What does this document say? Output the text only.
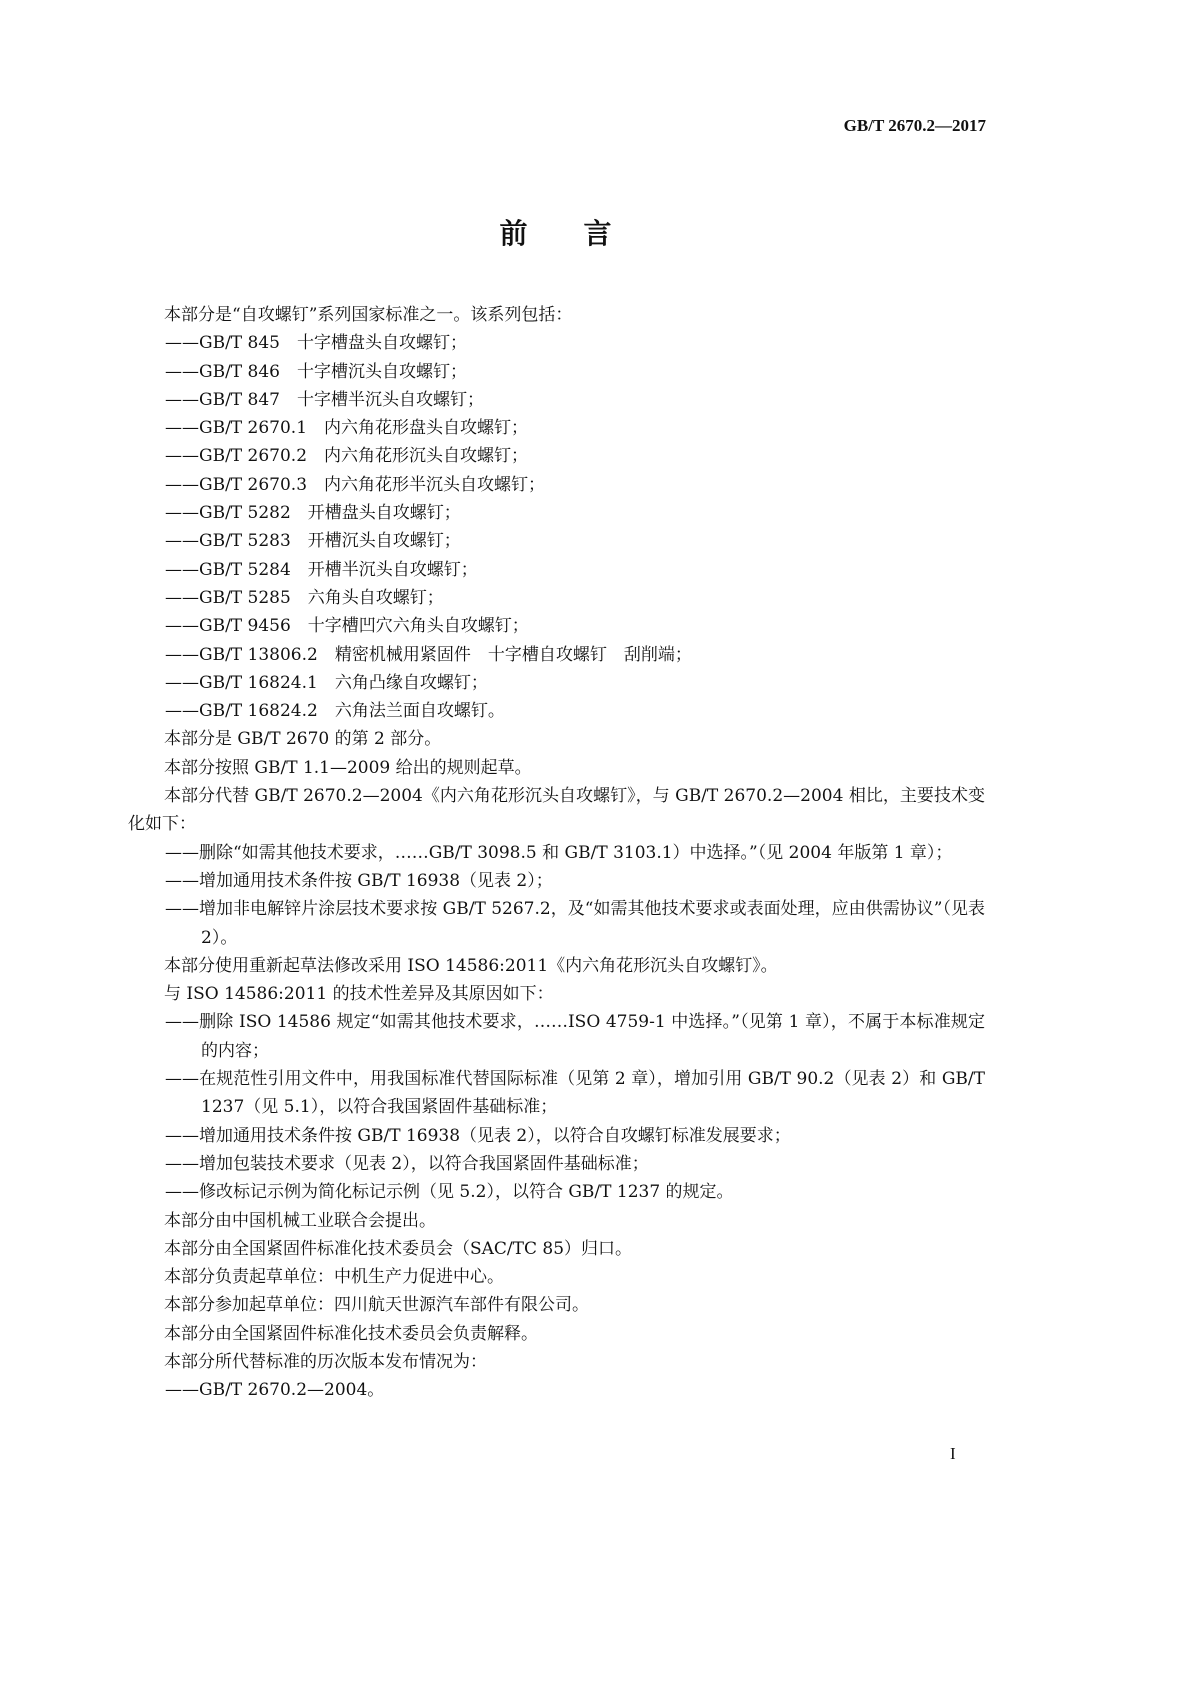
GB/T 2670.2—2017
前言

本部分是“自攻螺钉”系列国家标准之一。该系列包括：

——GB/T 845　十字槽盘头自攻螺钉；

——GB/T 846　十字槽沉头自攻螺钉；

——GB/T 847　十字槽半沉头自攻螺钉；

——GB/T 2670.1　内六角花形盘头自攻螺钉；

——GB/T 2670.2　内六角花形沉头自攻螺钉；

——GB/T 2670.3　内六角花形半沉头自攻螺钉；

——GB/T 5282　开槽盘头自攻螺钉；

——GB/T 5283　开槽沉头自攻螺钉；

——GB/T 5284　开槽半沉头自攻螺钉；

——GB/T 5285　六角头自攻螺钉；

——GB/T 9456　十字槽凹穴六角头自攻螺钉；

——GB/T 13806.2　精密机械用紧固件　十字槽自攻螺钉　刮削端；

——GB/T 16824.1　六角凸缘自攻螺钉；

——GB/T 16824.2　六角法兰面自攻螺钉。

本部分是 GB/T 2670 的第 2 部分。

本部分按照 GB/T 1.1—2009 给出的规则起草。

本部分代替 GB/T 2670.2—2004《内六角花形沉头自攻螺钉》，与 GB/T 2670.2—2004 相比，主要技术变化如下：

——删除“如需其他技术要求，……GB/T 3098.5 和 GB/T 3103.1）中选择。”（见 2004 年版第 1 章）；

——增加通用技术条件按 GB/T 16938（见表 2）；

——增加非电解锌片涂层技术要求按 GB/T 5267.2，及“如需其他技术要求或表面处理，应由供需协议”（见表 2）。

本部分使用重新起草法修改采用 ISO 14586:2011《内六角花形沉头自攻螺钉》。

与 ISO 14586:2011 的技术性差异及其原因如下：

——删除 ISO 14586 规定“如需其他技术要求，……ISO 4759-1 中选择。”（见第 1 章），不属于本标准规定的内容；

——在规范性引用文件中，用我国标准代替国际标准（见第 2 章），增加引用 GB/T 90.2（见表 2）和 GB/T 1237（见 5.1），以符合我国紧固件基础标准；

——增加通用技术条件按 GB/T 16938（见表 2），以符合自攻螺钉标准发展要求；

——增加包装技术要求（见表 2），以符合我国紧固件基础标准；

——修改标记示例为简化标记示例（见 5.2），以符合 GB/T 1237 的规定。

本部分由中国机械工业联合会提出。

本部分由全国紧固件标准化技术委员会（SAC/TC 85）归口。

本部分负责起草单位：中机生产力促进中心。

本部分参加起草单位：四川航天世源汽车部件有限公司。

本部分由全国紧固件标准化技术委员会负责解释。

本部分所代替标准的历次版本发布情况为：

——GB/T 2670.2—2004。

I
